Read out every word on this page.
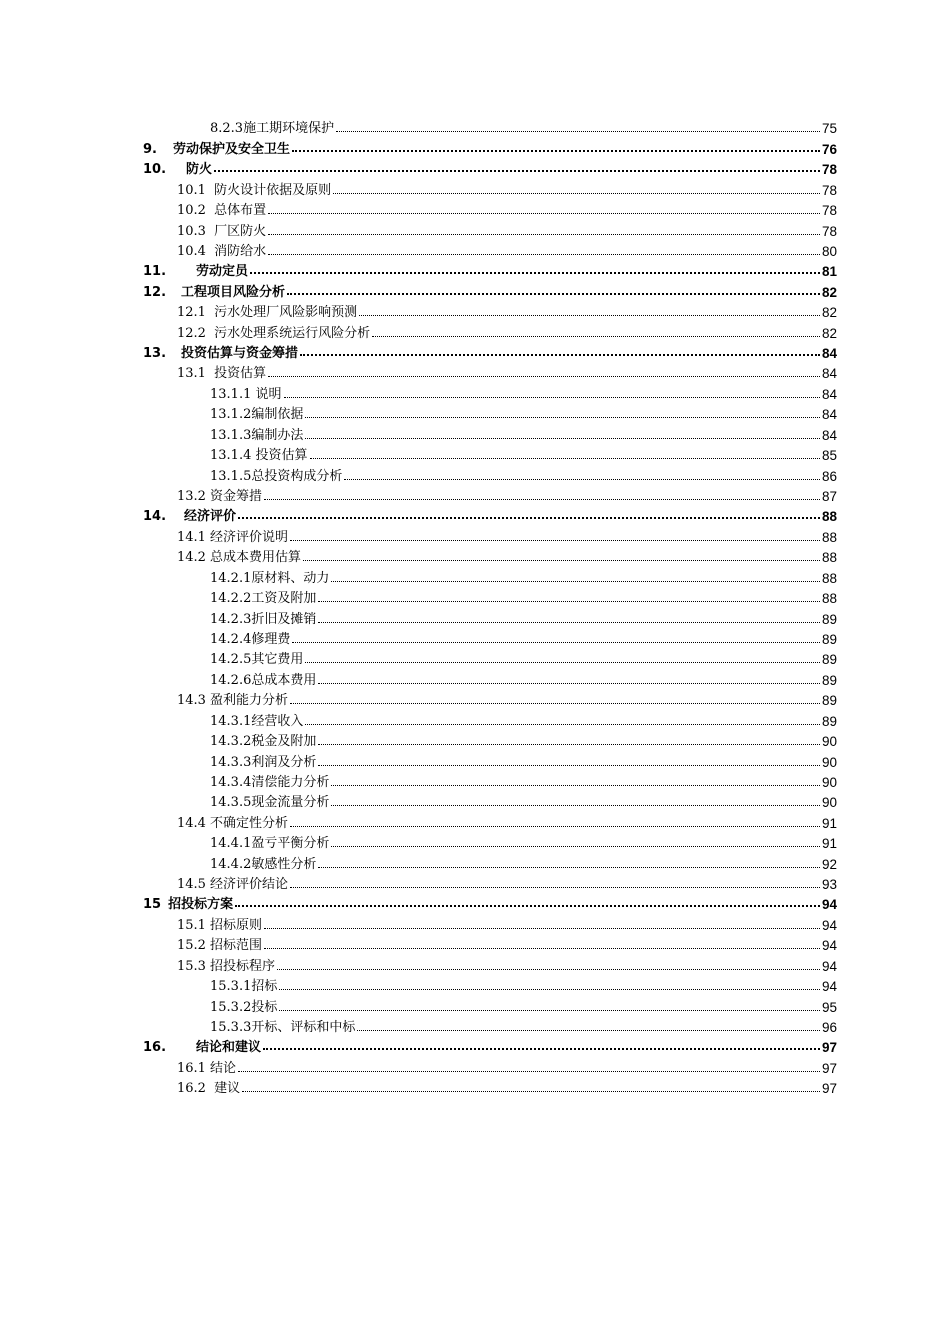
8.2.3施工期环境保护	75
9. 劳动保护及安全卫生	76
10. 防火	78
10.1 防火设计依据及原则	78
10.2 总体布置	78
10.3 厂区防火	78
10.4 消防给水	80
11. 劳动定员	81
12. 工程项目风险分析	82
12.1 污水处理厂风险影响预测	82
12.2 污水处理系统运行风险分析	82
13. 投资估算与资金筹措	84
13.1 投资估算	84
13.1.1 说明	84
13.1.2编制依据	84
13.1.3编制办法	84
13.1.4 投资估算	85
13.1.5总投资构成分析	86
13.2 资金筹措	87
14. 经济评价	88
14.1 经济评价说明	88
14.2 总成本费用估算	88
14.2.1原材料、动力	88
14.2.2工资及附加	88
14.2.3折旧及摊销	89
14.2.4修理费	89
14.2.5其它费用	89
14.2.6总成本费用	89
14.3 盈利能力分析	89
14.3.1经营收入	89
14.3.2税金及附加	90
14.3.3利润及分析	90
14.3.4清偿能力分析	90
14.3.5现金流量分析	90
14.4 不确定性分析	91
14.4.1盈亏平衡分析	91
14.4.2敏感性分析	92
14.5 经济评价结论	93
15 招投标方案	94
15.1 招标原则	94
15.2 招标范围	94
15.3 招投标程序	94
15.3.1招标	94
15.3.2投标	95
15.3.3开标、评标和中标	96
16. 结论和建议	97
16.1 结论	97
16.2 建议	97
